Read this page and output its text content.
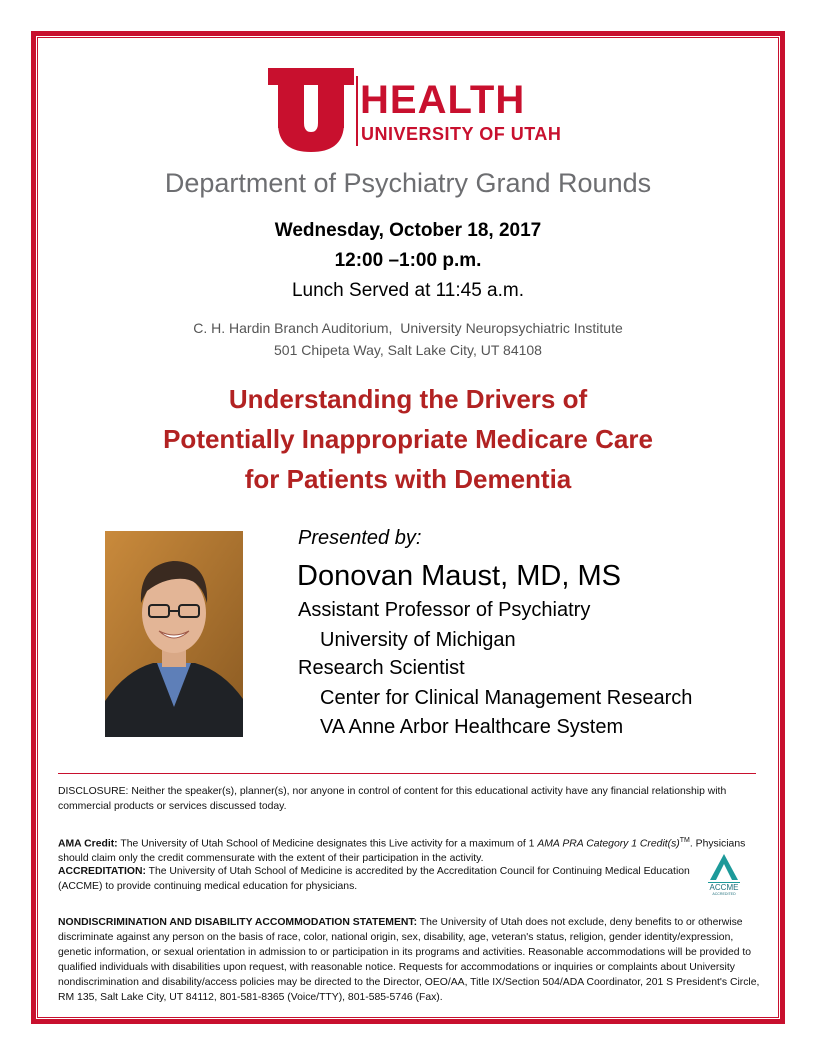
HEALTH
UNIVERSITY OF UTAH
Department of Psychiatry Grand Rounds
Wednesday, October 18, 2017
12:00 –1:00 p.m.
Lunch Served at 11:45 a.m.
C. H. Hardin Branch Auditorium,  University Neuropsychiatric Institute
501 Chipeta Way, Salt Lake City, UT 84108
Understanding the Drivers of
Potentially Inappropriate Medicare Care
for Patients with Dementia
Presented by:
Donovan Maust, MD, MS
Assistant Professor of Psychiatry
University of Michigan
Research Scientist
Center for Clinical Management Research
VA Anne Arbor Healthcare System
DISCLOSURE: Neither the speaker(s), planner(s), nor anyone in control of content for this educational activity have any financial relationship with commercial products or services discussed today.
AMA Credit: The University of Utah School of Medicine designates this Live activity for a maximum of 1 AMA PRA Category 1 Credit(s)™. Physicians should claim only the credit commensurate with the extent of their participation in the activity.
ACCREDITATION: The University of Utah School of Medicine is accredited by the Accreditation Council for Continuing Medical Education (ACCME) to provide continuing medical education for physicians.
NONDISCRIMINATION AND DISABILITY ACCOMMODATION STATEMENT: The University of Utah does not exclude, deny benefits to or otherwise discriminate against any person on the basis of race, color, national origin, sex, disability, age, veteran's status, religion, gender identity/expression, genetic information, or sexual orientation in admission to or participation in its programs and activities. Reasonable accommodations will be provided to qualified individuals with disabilities upon request, with reasonable notice. Requests for accommodations or inquiries or complaints about University nondiscrimination and disability/access policies may be directed to the Director, OEO/AA, Title IX/Section 504/ADA Coordinator, 201 S President's Circle, RM 135, Salt Lake City, UT 84112, 801-581-8365 (Voice/TTY), 801-585-5746 (Fax).
ACCME
ACCREDITED
